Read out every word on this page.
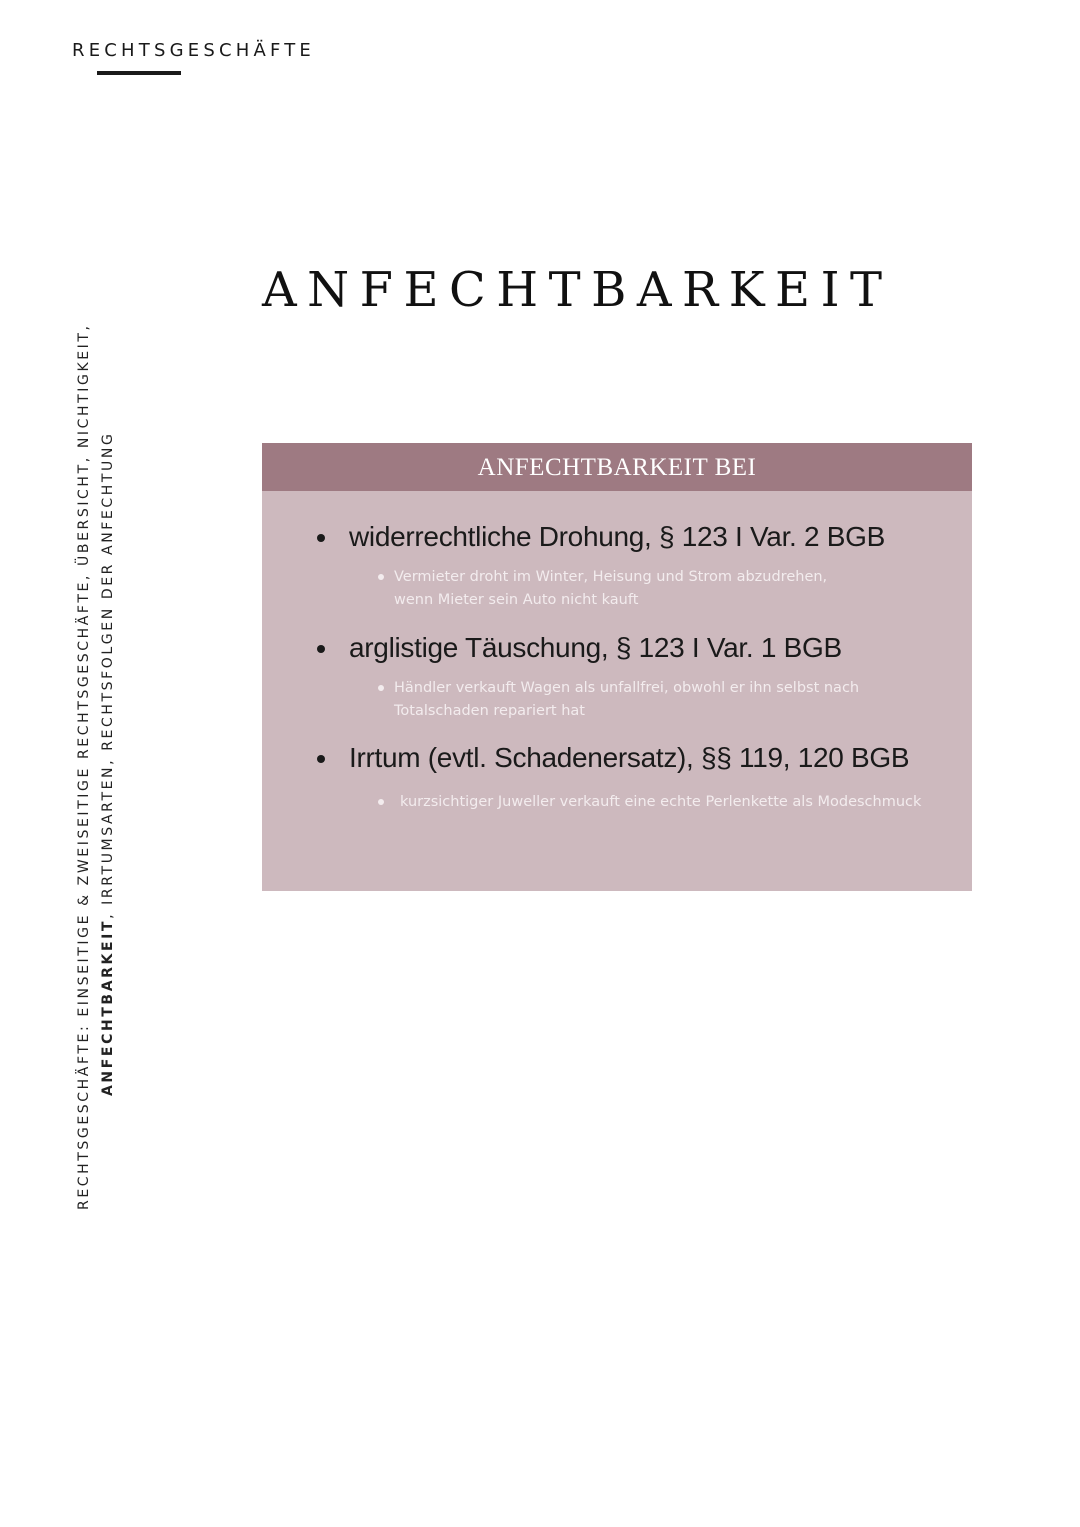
RECHTSGESCHÄFTE
RECHTSGESCHÄFTE: EINSEITIGE & ZWEISEITIGE RECHTSGESCHÄFTE, ÜBERSICHT, NICHTIGKEIT, ANFECHTBARKEIT, IRRTUMSARTEN, RECHTSFOLGEN DER ANFECHTUNG
ANFECHTBARKEIT
ANFECHTBARKEIT BEI
widerrechtliche Drohung, § 123 I Var. 2 BGB
Vermieter droht im Winter, Heisung und Strom abzudrehen, wenn Mieter sein Auto nicht kauft
arglistige Täuschung, § 123 I Var. 1 BGB
Händler verkauft Wagen als unfallfrei, obwohl er ihn selbst nach Totalschaden repariert hat
Irrtum (evtl. Schadenersatz), §§ 119, 120 BGB
kurzsichtiger Juweller verkauft eine echte Perlenkette als Modeschmuck
